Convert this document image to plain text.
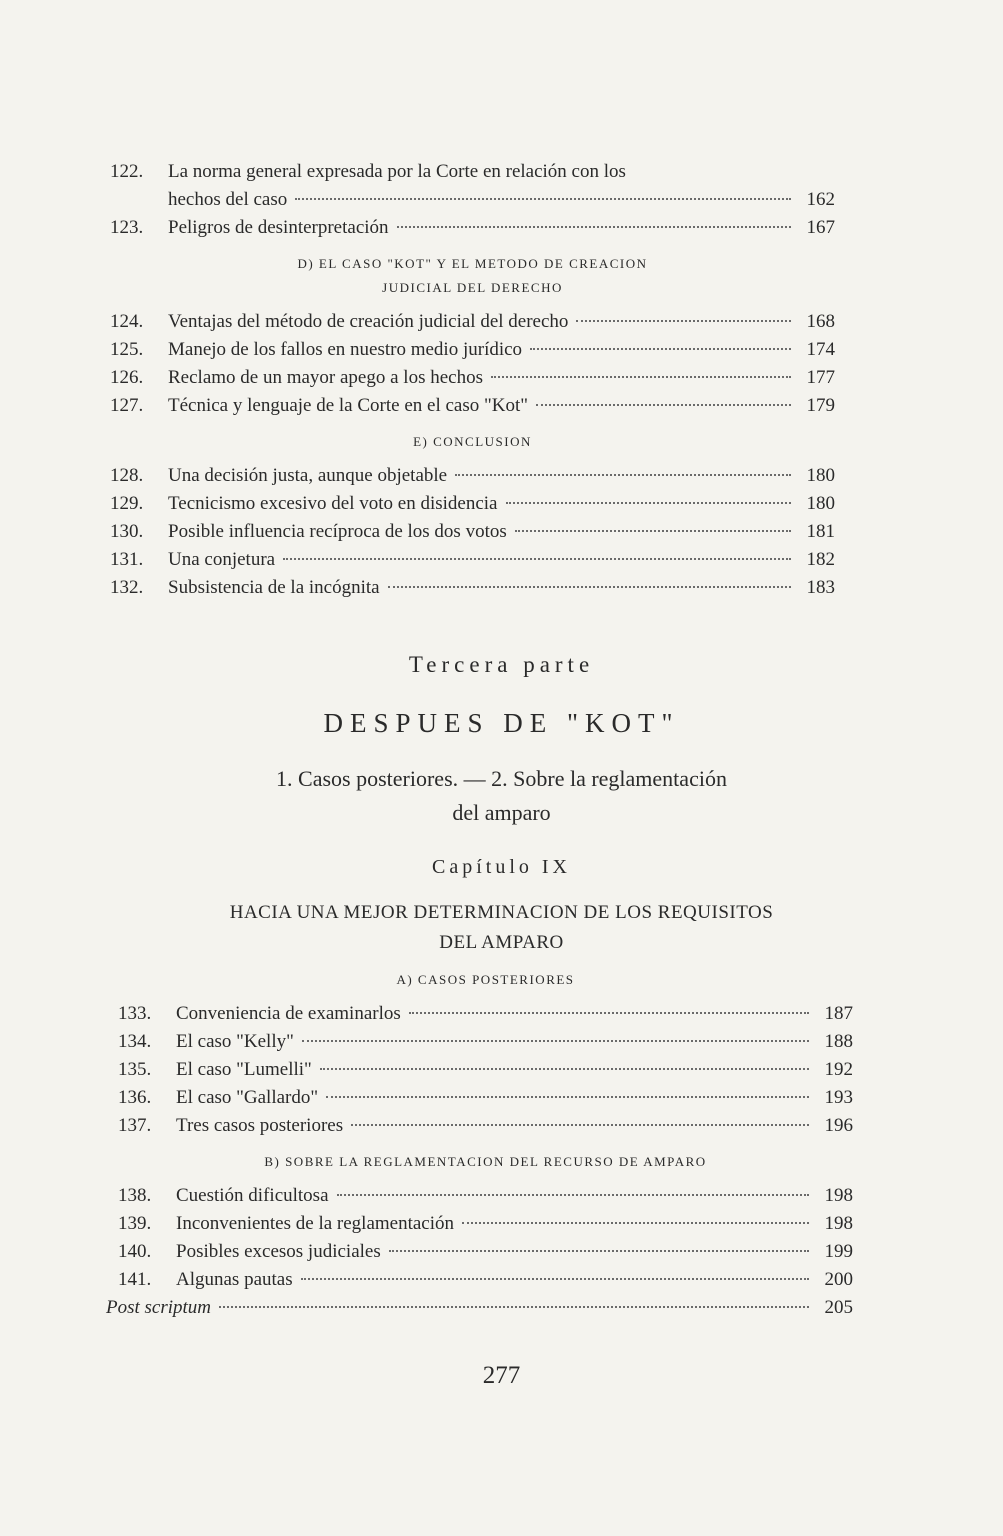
122.	La norma general expresada por la Corte en relación con los
hechos del caso	162
123.	Peligros de desinterpretación	167
D) EL CASO "KOT" Y EL METODO DE CREACION
JUDICIAL DEL DERECHO
124.	Ventajas del método de creación judicial del derecho	168
125.	Manejo de los fallos en nuestro medio jurídico	174
126.	Reclamo de un mayor apego a los hechos	177
127.	Técnica y lenguaje de la Corte en el caso "Kot"	179
E) CONCLUSION
128.	Una decisión justa, aunque objetable	180
129.	Tecnicismo excesivo del voto en disidencia	180
130.	Posible influencia recíproca de los dos votos	181
131.	Una conjetura	182
132.	Subsistencia de la incógnita	183
Tercera parte
DESPUES DE "KOT"
1. Casos posteriores. — 2. Sobre la reglamentación
del amparo
Capítulo IX
HACIA UNA MEJOR DETERMINACION DE LOS REQUISITOS
DEL AMPARO
A) CASOS POSTERIORES
133.	Conveniencia de examinarlos	187
134.	El caso "Kelly"	188
135.	El caso "Lumelli"	192
136.	El caso "Gallardo"	193
137.	Tres casos posteriores	196
B) SOBRE LA REGLAMENTACION DEL RECURSO DE AMPARO
138.	Cuestión dificultosa	198
139.	Inconvenientes de la reglamentación	198
140.	Posibles excesos judiciales	199
141.	Algunas pautas	200
Post scriptum	205
277
